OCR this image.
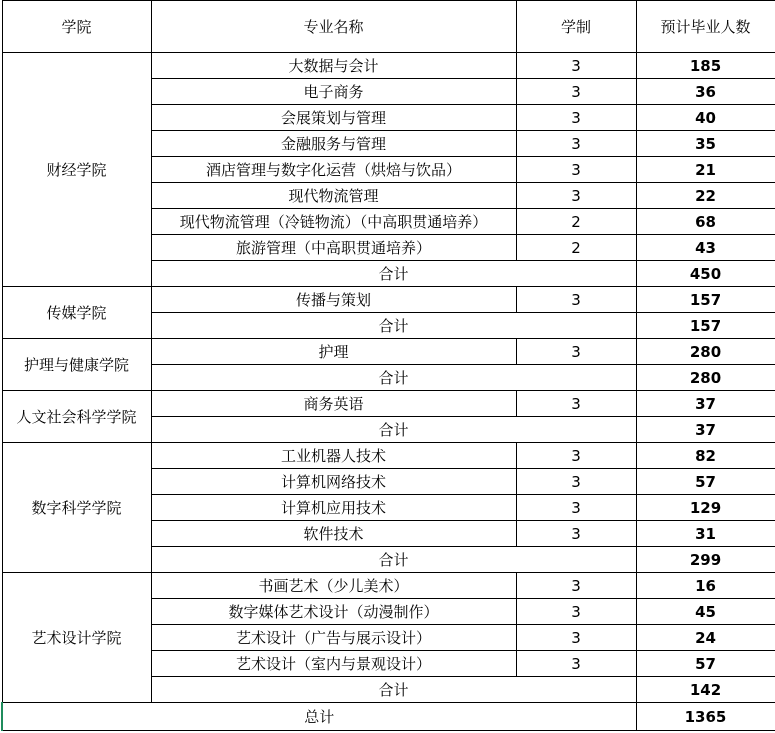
学院	专业名称	学制	预计毕业人数
财经学院	大数据与会计	3	185
	电子商务	3	36
	会展策划与管理	3	40
	金融服务与管理	3	35
	酒店管理与数字化运营（烘焙与饮品）	3	21
	现代物流管理	3	22
	现代物流管理（冷链物流）（中高职贯通培养）	2	68
	旅游管理（中高职贯通培养）	2	43
	合计		450
传媒学院	传播与策划	3	157
	合计		157
护理与健康学院	护理	3	280
	合计		280
人文社会科学学院	商务英语	3	37
	合计		37
数字科学学院	工业机器人技术	3	82
	计算机网络技术	3	57
	计算机应用技术	3	129
	软件技术	3	31
	合计		299
艺术设计学院	书画艺术（少儿美术）	3	16
	数字媒体艺术设计（动漫制作）	3	45
	艺术设计（广告与展示设计）	3	24
	艺术设计（室内与景观设计）	3	57
	合计		142
总计			1365
